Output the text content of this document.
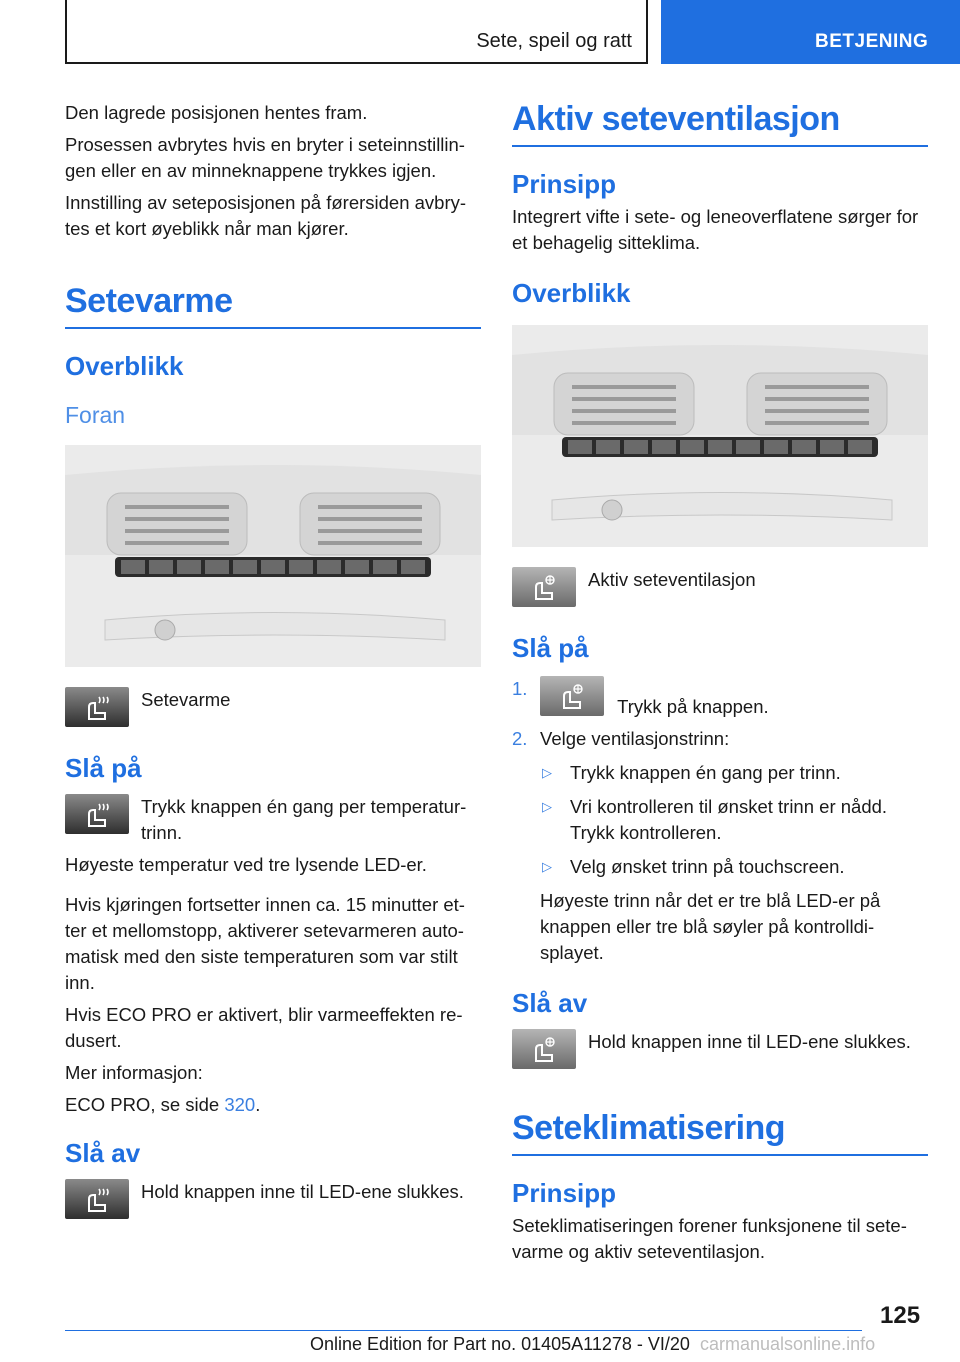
Sete, speil og ratt	BETJENING

Den lagrede posisjonen hentes fram.

Prosessen avbrytes hvis en bryter i seteinnstillin-gen eller en av minneknappene trykkes igjen.

Innstilling av seteposisjonen på førersiden avbry-tes et kort øyeblikk når man kjører.

Setevarme
Overblikk
Foran
Setevarme
Slå på
Trykk knappen én gang per temperatur-trinn.

Høyeste temperatur ved tre lysende LED-er.

Hvis kjøringen fortsetter innen ca. 15 minutter et-ter et mellomstopp, aktiverer setevarmeren auto-matisk med den siste temperaturen som var stilt inn.

Hvis ECO PRO er aktivert, blir varmeeffekten re-dusert.

Mer informasjon:

ECO PRO, se side 320.

Slå av
Hold knappen inne til LED-ene slukkes.
Aktiv seteventilasjon
Prinsipp

Integrert vifte i sete- og leneoverflatene sørger for et behagelig sitteklima.

Overblikk
Aktiv seteventilasjon
Slå på
1.
Trykk på knappen.
2. Velge ventilasjonstrinn:
▷ Trykk knappen én gang per trinn.
▷ Vri kontrolleren til ønsket trinn er nådd. Trykk kontrolleren.
▷ Velg ønsket trinn på touchscreen.
Høyeste trinn når det er tre blå LED-er på knappen eller tre blå søyler på kontrolldi-splayet.
Slå av
Hold knappen inne til LED-ene slukkes.
Seteklimatisering
Prinsipp

Seteklimatiseringen forener funksjonene til sete-varme og aktiv seteventilasjon.

125
Online Edition for Part no. 01405A11278 - VI/20 carmanualsonline.info
